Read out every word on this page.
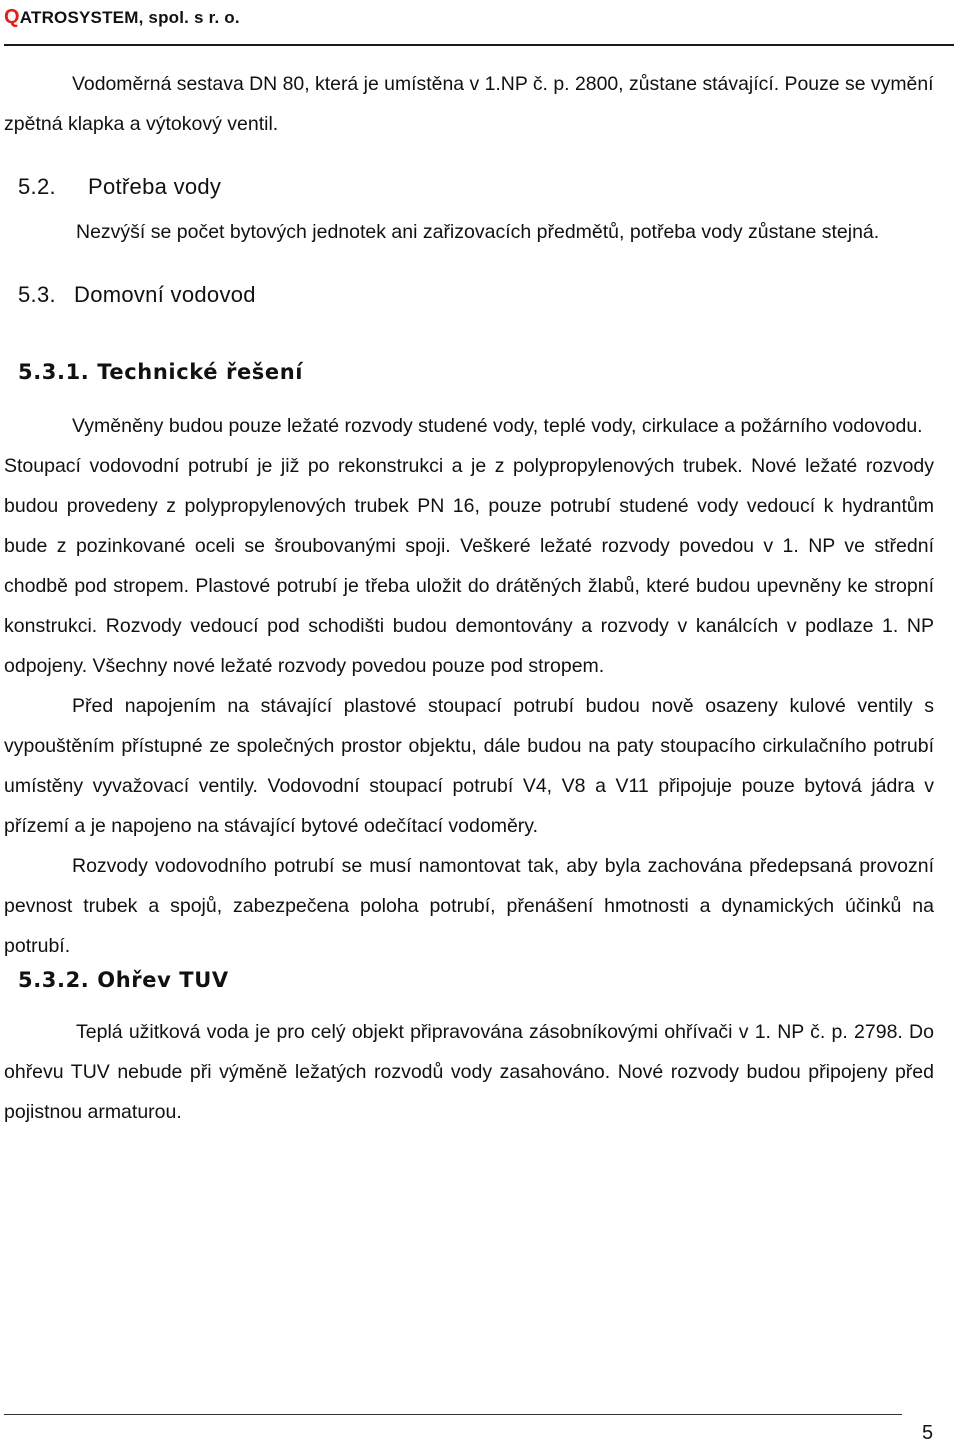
QATROSYSTEM, spol. s r. o.
Vodoměrná sestava DN 80, která je umístěna v 1.NP č. p. 2800, zůstane stávající. Pouze se vymění
zpětná klapka a výtokový ventil.
5.2. Potřeba vody
Nezvýší se počet bytových jednotek ani zařizovacích předmětů, potřeba vody zůstane stejná.
5.3. Domovní vodovod
5.3.1. Technické řešení
Vyměněny budou pouze ležaté rozvody studené vody, teplé vody, cirkulace a požárního vodovodu.
Stoupací vodovodní potrubí je již po rekonstrukci a je z polypropylenových trubek. Nové ležaté rozvody budou provedeny z polypropylenových trubek PN 16, pouze potrubí studené vody vedoucí k hydrantům bude z pozinkované oceli se šroubovanými spoji. Veškeré ležaté rozvody povedou v 1. NP ve střední chodbě pod stropem. Plastové potrubí je třeba uložit do drátěných žlabů, které budou upevněny ke stropní konstrukci. Rozvody vedoucí pod schodišti budou demontovány a rozvody v kanálcích v podlaze 1. NP odpojeny. Všechny nové ležaté rozvody povedou pouze pod stropem.
Před napojením na stávající plastové stoupací potrubí budou nově osazeny kulové ventily s vypouštěním přístupné ze společných prostor objektu, dále budou na paty stoupacího cirkulačního potrubí umístěny vyvažovací ventily. Vodovodní stoupací potrubí V4, V8 a V11 připojuje pouze bytová jádra v přízemí a je napojeno na stávající bytové odečítací vodoměry.
Rozvody vodovodního potrubí se musí namontovat tak, aby byla zachována předepsaná provozní pevnost trubek a spojů, zabezpečena poloha potrubí, přenášení hmotnosti a dynamických účinků na potrubí.
5.3.2. Ohřev TUV
Teplá užitková voda je pro celý objekt připravována zásobníkovými ohřívači v 1. NP č. p. 2798. Do ohřevu TUV nebude při výměně ležatých rozvodů vody zasahováno. Nové rozvody budou připojeny před pojistnou armaturou.
5
